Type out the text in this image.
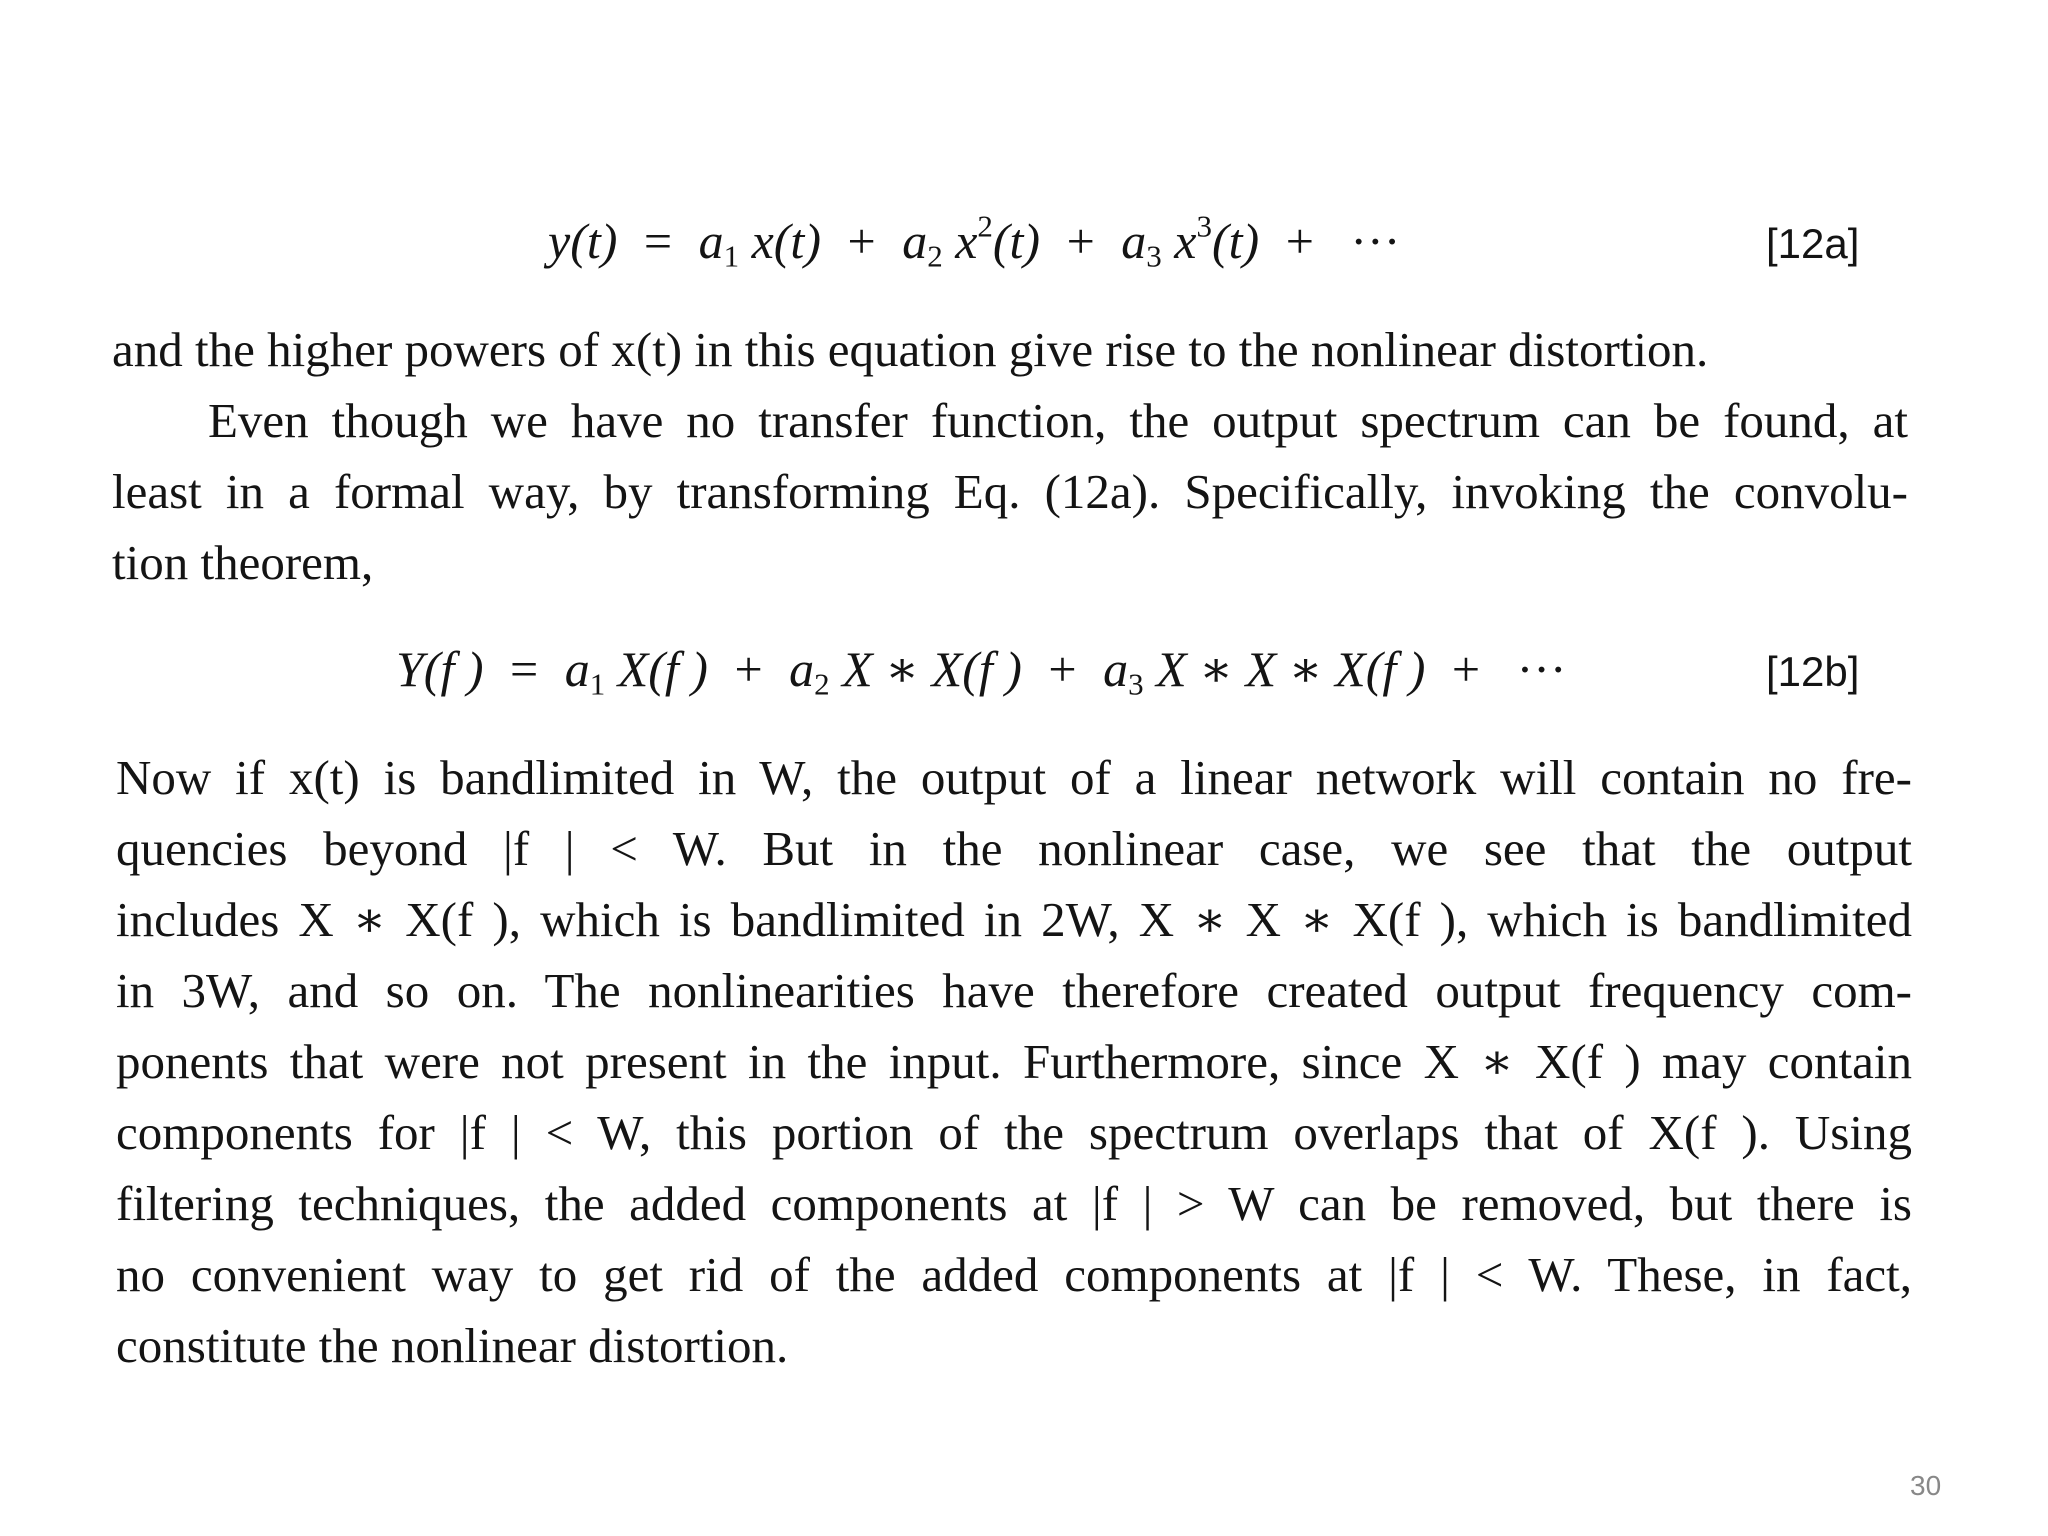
$y(t) = a_1$ $x(t) + a_2$ $x^2(t) + a_3$ $x^3(t)$ + ···	[12a]
and the higher powers of x(t) in this equation give rise to the nonlinear distortion.
Even though we have no transfer function, the output spectrum can be found, at
least in a formal way, by transforming Eq. (12a). Specifically, invoking the convolu-
tion theorem,
Y(f ) = $a_1$ X(f ) + $a_2$ X ∗ X(f ) + $a_3$ X ∗ X ∗ X(f ) + ···	[12b]
Now if x(t) is bandlimited in W, the output of a linear network will contain no fre-
quencies beyond |f | < W. But in the nonlinear case, we see that the output
includes X ∗ X(f ), which is bandlimited in 2W, X ∗ X ∗ X(f ), which is bandlimited
in 3W, and so on. The nonlinearities have therefore created output frequency com-
ponents that were not present in the input. Furthermore, since X ∗ X(f ) may contain
components for |f | < W, this portion of the spectrum overlaps that of X(f ). Using
filtering techniques, the added components at |f | > W can be removed, but there is
no convenient way to get rid of the added components at |f | < W. These, in fact,
constitute the nonlinear distortion.
30
